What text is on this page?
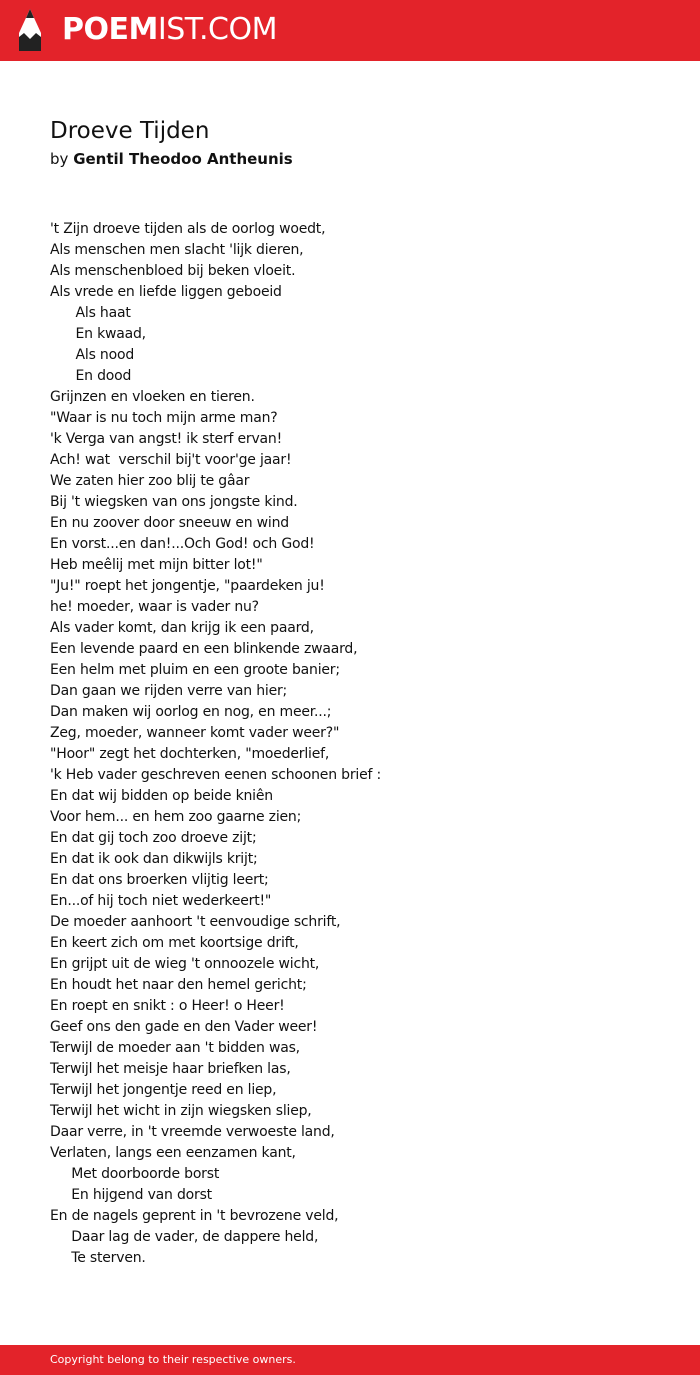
POEMIST.COM
Droeve Tijden
by Gentil Theodoo Antheunis
't Zijn droeve tijden als de oorlog woedt,
Als menschen men slacht 'lijk dieren,
Als menschenbloed bij beken vloeit.
Als vrede en liefde liggen geboeid
Als haat
En kwaad,
Als nood
En dood
Grijnzen en vloeken en tieren.
"Waar is nu toch mijn arme man?
'k Verga van angst! ik sterf ervan!
Ach! wat  verschil bij't voor'ge jaar!
We zaten hier zoo blij te gâar
Bij 't wiegsken van ons jongste kind.
En nu zoover door sneeuw en wind
En vorst...en dan!...Och God! och God!
Heb meêlij met mijn bitter lot!"
"Ju!" roept het jongentje, "paardeken ju!
he! moeder, waar is vader nu?
Als vader komt, dan krijg ik een paard,
Een levende paard en een blinkende zwaard,
Een helm met pluim en een groote banier;
Dan gaan we rijden verre van hier;
Dan maken wij oorlog en nog, en meer...;
Zeg, moeder, wanneer komt vader weer?"
"Hoor" zegt het dochterken, "moederlief,
'k Heb vader geschreven eenen schoonen brief :
En dat wij bidden op beide kniên
Voor hem... en hem zoo gaarne zien;
En dat gij toch zoo droeve zijt;
En dat ik ook dan dikwijls krijt;
En dat ons broerken vlijtig leert;
En...of hij toch niet wederkeert!"
De moeder aanhoort 't eenvoudige schrift,
En keert zich om met koortsige drift,
En grijpt uit de wieg 't onnoozele wicht,
En houdt het naar den hemel gericht;
En roept en snikt : o Heer! o Heer!
Geef ons den gade en den Vader weer!
Terwijl de moeder aan 't bidden was,
Terwijl het meisje haar briefken las,
Terwijl het jongentje reed en liep,
Terwijl het wicht in zijn wiegsken sliep,
Daar verre, in 't vreemde verwoeste land,
Verlaten, langs een eenzamen kant,
Met doorboorde borst
En hijgend van dorst
En de nagels geprent in 't bevrozene veld,
Daar lag de vader, de dappere held,
Te sterven.
Copyright belong to their respective owners.
